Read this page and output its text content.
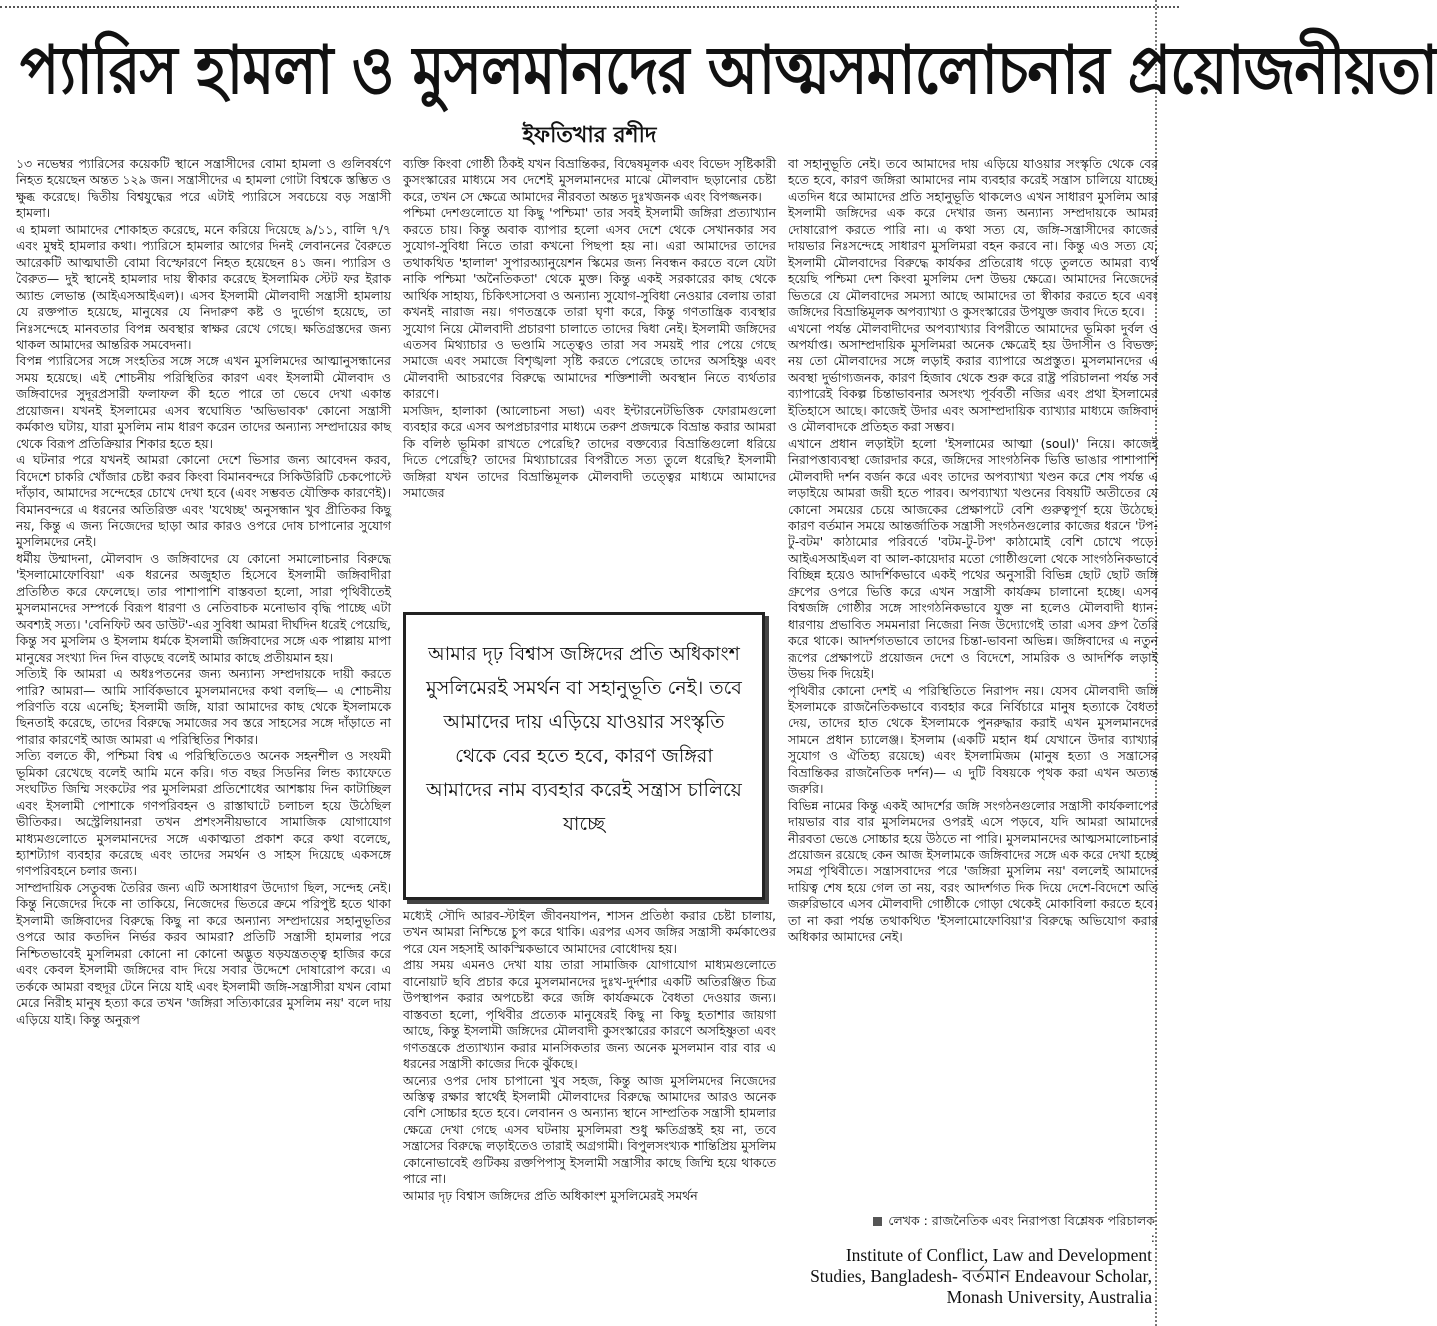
প্যারিস হামলা ও মুসলমানদের আত্মসমালোচনার প্রয়োজনীয়তা
ইফতিখার রশীদ

১৩ নভেম্বর প্যারিসের কয়েকটি স্থানে সন্ত্রাসীদের বোমা হামলা ও গুলিবর্ষণে নিহত হয়েছেন অন্তত ১২৯ জন। সন্ত্রাসীদের এ হামলা গোটা বিশ্বকে স্তম্ভিত ও ক্ষুব্ধ করেছে। দ্বিতীয় বিশ্বযুদ্ধের পরে এটাই প্যারিসে সবচেয়ে বড় সন্ত্রাসী হামলা।

এ হামলা আমাদের শোকাহত করেছে, মনে করিয়ে দিয়েছে ৯/১১, বালি ৭/৭ এবং মুম্বই হামলার কথা। প্যারিসে হামলার আগের দিনই লেবাননের বৈরুতে আরেকটি আত্মঘাতী বোমা বিস্ফোরণে নিহত হয়েছেন ৪১ জন। প্যারিস ও বৈরুত— দুই স্থানেই হামলার দায় স্বীকার করেছে ইসলামিক স্টেট ফর ইরাক অ্যান্ড লেভান্ত (আইএসআইএল)। এসব ইসলামী মৌলবাদী সন্ত্রাসী হামলায় যে রক্তপাত হয়েছে, মানুষের যে নিদারুণ কষ্ট ও দুর্ভোগ হয়েছে, তা নিঃসন্দেহে মানবতার বিপন্ন অবস্থার স্বাক্ষর রেখে গেছে। ক্ষতিগ্রস্তদের জন্য থাকল আমাদের আন্তরিক সমবেদনা।

বিপন্ন প্যারিসের সঙ্গে সংহতির সঙ্গে সঙ্গে এখন মুসলিমদের আত্মানুসন্ধানের সময় হয়েছে। এই শোচনীয় পরিস্থিতির কারণ এবং ইসলামী মৌলবাদ ও জঙ্গিবাদের সুদূরপ্রসারী ফলাফল কী হতে পারে তা ভেবে দেখা একান্ত প্রয়োজন। যখনই ইসলামের এসব স্বঘোষিত 'অভিভাবক' কোনো সন্ত্রাসী কর্মকাণ্ড ঘটায়, যারা মুসলিম নাম ধারণ করেন তাদের অন্যান্য সম্প্রদায়ের কাছ থেকে বিরূপ প্রতিক্রিয়ার শিকার হতে হয়।

এ ঘটনার পরে যখনই আমরা কোনো দেশে ভিসার জন্য আবেদন করব, বিদেশে চাকরি খোঁজার চেষ্টা করব কিংবা বিমানবন্দরে সিকিউরিটি চেকপোস্টে দাঁড়াব, আমাদের সন্দেহের চোখে দেখা হবে (এবং সম্ভবত যৌক্তিক কারণেই)। বিমানবন্দরে এ ধরনের অতিরিক্ত এবং 'যথেচ্ছ' অনুসন্ধান খুব প্রীতিকর কিছু নয়, কিন্তু এ জন্য নিজেদের ছাড়া আর কারও ওপরে দোষ চাপানোর সুযোগ মুসলিমদের নেই।

ধর্মীয় উম্মাদনা, মৌলবাদ ও জঙ্গিবাদের যে কোনো সমালোচনার বিরুদ্ধে 'ইসলামোফোবিয়া' এক ধরনের অজুহাত হিসেবে ইসলামী জঙ্গিবাদীরা প্রতিষ্ঠিত করে ফেলেছে। তার পাশাপাশি বাস্তবতা হলো, সারা পৃথিবীতেই মুসলমানদের সম্পর্কে বিরূপ ধারণা ও নেতিবাচক মনোভাব বৃদ্ধি পাচ্ছে এটা অবশ্যই সত্য। 'বেনিফিট অব ডাউট'-এর সুবিধা আমরা দীর্ঘদিন ধরেই পেয়েছি, কিন্তু সব মুসলিম ও ইসলাম ধর্মকে ইসলামী জঙ্গিবাদের সঙ্গে এক পাল্লায় মাপা মানুষের সংখ্যা দিন দিন বাড়ছে বলেই আমার কাছে প্রতীয়মান হয়।

সত্যিই কি আমরা এ অধঃপতনের জন্য অন্যান্য সম্প্রদায়কে দায়ী করতে পারি? আমরা— আমি সার্বিকভাবে মুসলমানদের কথা বলছি— এ শোচনীয় পরিণতি বয়ে এনেছি; ইসলামী জঙ্গি, যারা আমাদের কাছ থেকে ইসলামকে ছিনতাই করেছে, তাদের বিরুদ্ধে সমাজের সব স্তরে সাহসের সঙ্গে দাঁড়াতে না পারার কারণেই আজ আমরা এ পরিস্থিতির শিকার।

সত্যি বলতে কী, পশ্চিমা বিশ্ব এ পরিস্থিতিতেও অনেক সহনশীল ও সংযমী ভূমিকা রেখেছে বলেই আমি মনে করি। গত বছর সিডনির লিন্ড ক্যাফেতে সংঘটিত জিম্মি সংকটের পর মুসলিমরা প্রতিশোধের আশঙ্কায় দিন কাটাচ্ছিল এবং ইসলামী পোশাকে গণপরিবহন ও রাস্তাঘাটে চলাচল হয়ে উঠেছিল ভীতিকর। অস্ট্রেলিয়ানরা তখন প্রশংসনীয়ভাবে সামাজিক যোগাযোগ মাধ্যমগুলোতে মুসলমানদের সঙ্গে একাত্মতা প্রকাশ করে কথা বলেছে, হ্যাশট্যাগ ব্যবহার করেছে এবং তাদের সমর্থন ও সাহস দিয়েছে একসঙ্গে গণপরিবহনে চলার জন্য।

সাম্প্রদায়িক সেতুবন্ধ তৈরির জন্য এটি অসাধারণ উদ্যোগ ছিল, সন্দেহ নেই। কিন্তু নিজেদের দিকে না তাকিয়ে, নিজেদের ভিতরে ক্রমে পরিপুষ্ট হতে থাকা ইসলামী জঙ্গিবাদের বিরুদ্ধে কিছু না করে অন্যান্য সম্প্রদায়ের সহানুভূতির ওপরে আর কতদিন নির্ভর করব আমরা? প্রতিটি সন্ত্রাসী হামলার পরে নিশ্চিতভাবেই মুসলিমরা কোনো না কোনো অদ্ভুত ষড়যন্ত্রতত্ত্ব হাজির করে এবং কেবল ইসলামী জঙ্গিদের বাদ দিয়ে সবার উদ্দেশে দোষারোপ করে। এ তর্ককে আমরা বহুদূর টেনে নিয়ে যাই এবং ইসলামী জঙ্গি-সন্ত্রাসীরা যখন বোমা মেরে নিরীহ মানুষ হত্যা করে তখন 'জঙ্গিরা সত্যিকারের মুসলিম নয়' বলে দায় এড়িয়ে যাই। কিন্তু অনুরূপ

ব্যক্তি কিংবা গোষ্ঠী ঠিকই যখন বিভ্রান্তিকর, বিদ্বেষমূলক এবং বিভেদ সৃষ্টিকারী কুসংস্কারের মাধ্যমে সব দেশেই মুসলমানদের মাঝে মৌলবাদ ছড়ানোর চেষ্টা করে, তখন সে ক্ষেত্রে আমাদের নীরবতা অন্তত দুঃখজনক এবং বিপজ্জনক।

পশ্চিমা দেশগুলোতে যা কিছু 'পশ্চিমা' তার সবই ইসলামী জঙ্গিরা প্রত্যাখ্যান করতে চায়। কিন্তু অবাক ব্যাপার হলো এসব দেশে থেকে সেখানকার সব সুযোগ-সুবিধা নিতে তারা কখনো পিছপা হয় না। এরা আমাদের তাদের তথাকথিত 'হালাল' সুপারঅ্যানুয়েশন স্কিমের জন্য নিবন্ধন করতে বলে যেটা নাকি পশ্চিমা 'অনৈতিকতা' থেকে মুক্ত। কিন্তু একই সরকারের কাছ থেকে আর্থিক সাহায্য, চিকিৎসাসেবা ও অন্যান্য সুযোগ-সুবিধা নেওয়ার বেলায় তারা কখনই নারাজ নয়। গণতন্ত্রকে তারা ঘৃণা করে, কিন্তু গণতান্ত্রিক ব্যবস্থার সুযোগ নিয়ে মৌলবাদী প্রচারণা চালাতে তাদের দ্বিধা নেই। ইসলামী জঙ্গিদের এতসব মিথ্যাচার ও ভণ্ডামি সত্ত্বেও তারা সব সময়ই পার পেয়ে গেছে সমাজে এবং সমাজে বিশৃঙ্খলা সৃষ্টি করতে পেরেছে তাদের অসহিষ্ণু এবং মৌলবাদী আচরণের বিরুদ্ধে আমাদের শক্তিশালী অবস্থান নিতে ব্যর্থতার কারণে।

মসজিদ, হালাকা (আলোচনা সভা) এবং ইন্টারনেটভিত্তিক ফোরামগুলো ব্যবহার করে এসব অপপ্রচারণার মাধ্যমে তরুণ প্রজন্মকে বিভ্রান্ত করার আমরা কি বলিষ্ঠ ভূমিকা রাখতে পেরেছি? তাদের বক্তব্যের বিভ্রান্তিগুলো ধরিয়ে দিতে পেরেছি? তাদের মিথ্যাচারের বিপরীতে সত্য তুলে ধরেছি? ইসলামী জঙ্গিরা যখন তাদের বিভ্রান্তিমূলক মৌলবাদী তত্ত্বের মাধ্যমে আমাদের সমাজের

আমার দৃঢ় বিশ্বাস জঙ্গিদের প্রতি অধিকাংশ মুসলিমেরই সমর্থন বা সহানুভূতি নেই। তবে আমাদের দায় এড়িয়ে যাওয়ার সংস্কৃতি থেকে বের হতে হবে, কারণ জঙ্গিরা আমাদের নাম ব্যবহার করেই সন্ত্রাস চালিয়ে যাচ্ছে

মধ্যেই সৌদি আরব-স্টাইল জীবনযাপন, শাসন প্রতিষ্ঠা করার চেষ্টা চালায়, তখন আমরা নিশ্চিন্তে চুপ করে থাকি। এরপর এসব জঙ্গির সন্ত্রাসী কর্মকাণ্ডের পরে যেন সহসাই আকস্মিকভাবে আমাদের বোধোদয় হয়।

প্রায় সময় এমনও দেখা যায় তারা সামাজিক যোগাযোগ মাধ্যমগুলোতে বানোয়াট ছবি প্রচার করে মুসলমানদের দুঃখ-দুর্দশার একটি অতিরঞ্জিত চিত্র উপস্থাপন করার অপচেষ্টা করে জঙ্গি কার্যক্রমকে বৈধতা দেওয়ার জন্য। বাস্তবতা হলো, পৃথিবীর প্রত্যেক মানুষেরই কিছু না কিছু হতাশার জায়গা আছে, কিন্তু ইসলামী জঙ্গিদের মৌলবাদী কুসংস্কারের কারণে অসহিষ্ণুতা এবং গণতন্ত্রকে প্রত্যাখ্যান করার মানসিকতার জন্য অনেক মুসলমান বার বার এ ধরনের সন্ত্রাসী কাজের দিকে ঝুঁকছে।

অন্যের ওপর দোষ চাপানো খুব সহজ, কিন্তু আজ মুসলিমদের নিজেদের অস্তিত্ব রক্ষার স্বার্থেই ইসলামী মৌলবাদের বিরুদ্ধে আমাদের আরও অনেক বেশি সোচ্চার হতে হবে। লেবানন ও অন্যান্য স্থানে সাম্প্রতিক সন্ত্রাসী হামলার ক্ষেত্রে দেখা গেছে এসব ঘটনায় মুসলিমরা শুধু ক্ষতিগ্রস্তই হয় না, তবে সন্ত্রাসের বিরুদ্ধে লড়াইতেও তারাই অগ্রগামী। বিপুলসংখ্যক শান্তিপ্রিয় মুসলিম কোনোভাবেই গুটিকয় রক্তপিপাসু ইসলামী সন্ত্রাসীর কাছে জিম্মি হয়ে থাকতে পারে না।

আমার দৃঢ় বিশ্বাস জঙ্গিদের প্রতি অধিকাংশ মুসলিমেরই সমর্থন

বা সহানুভূতি নেই। তবে আমাদের দায় এড়িয়ে যাওয়ার সংস্কৃতি থেকে বের হতে হবে, কারণ জঙ্গিরা আমাদের নাম ব্যবহার করেই সন্ত্রাস চালিয়ে যাচ্ছে। এতদিন ধরে আমাদের প্রতি সহানুভূতি থাকলেও এখন সাধারণ মুসলিম আর ইসলামী জঙ্গিদের এক করে দেখার জন্য অন্যান্য সম্প্রদায়কে আমরা দোষারোপ করতে পারি না। এ কথা সত্য যে, জঙ্গি-সন্ত্রাসীদের কাজের দায়ভার নিঃসন্দেহে সাধারণ মুসলিমরা বহন করবে না। কিন্তু এও সত্য যে, ইসলামী মৌলবাদের বিরুদ্ধে কার্যকর প্রতিরোধ গড়ে তুলতে আমরা ব্যর্থ হয়েছি পশ্চিমা দেশ কিংবা মুসলিম দেশ উভয় ক্ষেত্রে। আমাদের নিজেদের ভিতরে যে মৌলবাদের সমস্যা আছে আমাদের তা স্বীকার করতে হবে এবং জঙ্গিদের বিভ্রান্তিমূলক অপব্যাখ্যা ও কুসংস্কারের উপযুক্ত জবাব দিতে হবে।

এখনো পর্যন্ত মৌলবাদীদের অপব্যাখ্যার বিপরীতে আমাদের ভূমিকা দুর্বল ও অপর্যাপ্ত। অসাম্প্রদায়িক মুসলিমরা অনেক ক্ষেত্রেই হয় উদাসীন ও বিভক্ত, নয় তো মৌলবাদের সঙ্গে লড়াই করার ব্যাপারে অপ্রস্তুত। মুসলমানদের এ অবস্থা দুর্ভাগ্যজনক, কারণ হিজাব থেকে শুরু করে রাষ্ট্র পরিচালনা পর্যন্ত সব ব্যাপারেই বিকল্প চিন্তাভাবনার অসংখ্য পূর্ববর্তী নজির এবং প্রথা ইসলামের ইতিহাসে আছে। কাজেই উদার এবং অসাম্প্রদায়িক ব্যাখ্যার মাধ্যমে জঙ্গিবাদ ও মৌলবাদকে প্রতিহত করা সম্ভব।

এখানে প্রধান লড়াইটা হলো 'ইসলামের আত্মা (soul)' নিয়ে। কাজেই নিরাপত্তাব্যবস্থা জোরদার করে, জঙ্গিদের সাংগঠনিক ভিত্তি ভাঙার পাশাপাশি মৌলবাদী দর্শন বর্জন করে এবং তাদের অপব্যাখ্যা খণ্ডন করে শেষ পর্যন্ত এ লড়াইয়ে আমরা জয়ী হতে পারব। অপব্যাখ্যা খণ্ডনের বিষয়টি অতীতের যে কোনো সময়ের চেয়ে আজকের প্রেক্ষাপটে বেশি গুরুত্বপূর্ণ হয়ে উঠেছে। কারণ বর্তমান সময়ে আন্তর্জাতিক সন্ত্রাসী সংগঠনগুলোর কাজের ধরনে 'টপ-টু-বটম' কাঠামোর পরিবর্তে 'বটম-টু-টপ' কাঠামোই বেশি চোখে পড়ে। আইএসআইএল বা আল-কায়েদার মতো গোষ্ঠীগুলো থেকে সাংগঠনিকভাবে বিচ্ছিন্ন হয়েও আদর্শিকভাবে একই পথের অনুসারী বিভিন্ন ছোট ছোট জঙ্গি গ্রুপের ওপরে ভিত্তি করে এখন সন্ত্রাসী কার্যক্রম চালানো হচ্ছে। এসব বিশ্বজঙ্গি গোষ্ঠীর সঙ্গে সাংগঠনিকভাবে যুক্ত না হলেও মৌলবাদী ধ্যান-ধারণায় প্রভাবিত সমমনারা নিজেরা নিজ উদ্যোগেই তারা এসব গ্রুপ তৈরি করে থাকে। আদর্শগতভাবে তাদের চিন্তা-ভাবনা অভিন্ন। জঙ্গিবাদের এ নতুন রূপের প্রেক্ষাপটে প্রয়োজন দেশে ও বিদেশে, সামরিক ও আদর্শিক লড়াই উভয় দিক দিয়েই।

পৃথিবীর কোনো দেশই এ পরিস্থিতিতে নিরাপদ নয়। যেসব মৌলবাদী জঙ্গি ইসলামকে রাজনৈতিকভাবে ব্যবহার করে নির্বিচারে মানুষ হত্যাকে বৈধতা দেয়, তাদের হাত থেকে ইসলামকে পুনরুদ্ধার করাই এখন মুসলমানদের সামনে প্রধান চ্যালেঞ্জ। ইসলাম (একটি মহান ধর্ম যেখানে উদার ব্যাখ্যার সুযোগ ও ঐতিহ্য রয়েছে) এবং ইসলামিজম (মানুষ হত্যা ও সন্ত্রাসের বিভ্রান্তিকর রাজনৈতিক দর্শন)— এ দুটি বিষয়কে পৃথক করা এখন অত্যন্ত জরুরি।

বিভিন্ন নামের কিন্তু একই আদর্শের জঙ্গি সংগঠনগুলোর সন্ত্রাসী কার্যকলাপের দায়ভার বার বার মুসলিমদের ওপরই এসে পড়বে, যদি আমরা আমাদের নীরবতা ভেঙে সোচ্চার হয়ে উঠতে না পারি। মুসলমানদের আত্মসমালোচনার প্রয়োজন রয়েছে কেন আজ ইসলামকে জঙ্গিবাদের সঙ্গে এক করে দেখা হচ্ছে সমগ্র পৃথিবীতে। সন্ত্রাসবাদের পরে 'জঙ্গিরা মুসলিম নয়' বললেই আমাদের দায়িত্ব শেষ হয়ে গেল তা নয়, বরং আদর্শগত দিক দিয়ে দেশে-বিদেশে অতি জরুরিভাবে এসব মৌলবাদী গোষ্ঠীকে গোড়া থেকেই মোকাবিলা করতে হবে। তা না করা পর্যন্ত তথাকথিত 'ইসলামোফোবিয়া'র বিরুদ্ধে অভিযোগ করার অধিকার আমাদের নেই।

লেখক : রাজনৈতিক এবং নিরাপত্তা বিশ্লেষক পরিচালক :
Institute of Conflict, Law and Development Studies, Bangladesh- বর্তমান Endeavour Scholar, Monash University, Australia
